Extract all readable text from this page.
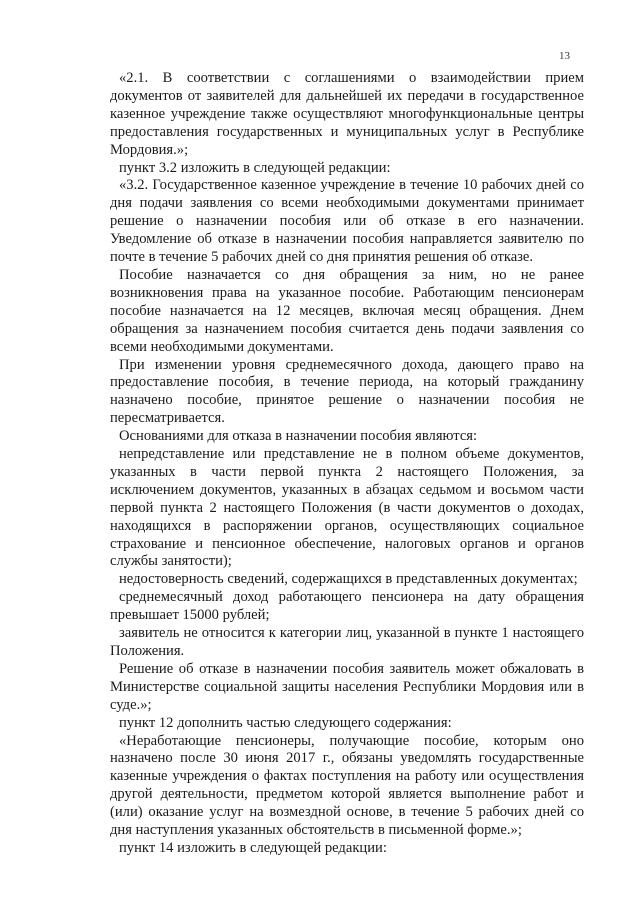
13

«2.1. В соответствии с соглашениями о взаимодействии прием документов от заявителей для дальнейшей их передачи в государственное казенное учреждение также осуществляют многофункциональные центры предоставления государственных и муниципальных услуг в Республике Мордовия.»;

пункт 3.2 изложить в следующей редакции:

«3.2. Государственное казенное учреждение в течение 10 рабочих дней со дня подачи заявления со всеми необходимыми документами принимает решение о назначении пособия или об отказе в его назначении. Уведомление об отказе в назначении пособия направляется заявителю по почте в течение 5 рабочих дней со дня принятия решения об отказе.

Пособие назначается со дня обращения за ним, но не ранее возникновения права на указанное пособие. Работающим пенсионерам пособие назначается на 12 месяцев, включая месяц обращения. Днем обращения за назначением пособия считается день подачи заявления со всеми необходимыми документами.

При изменении уровня среднемесячного дохода, дающего право на предоставление пособия, в течение периода, на который гражданину назначено пособие, принятое решение о назначении пособия не пересматривается.

Основаниями для отказа в назначении пособия являются:

непредставление или представление не в полном объеме документов, указанных в части первой пункта 2 настоящего Положения, за исключением документов, указанных в абзацах седьмом и восьмом части первой пункта 2 настоящего Положения (в части документов о доходах, находящихся в распоряжении органов, осуществляющих социальное страхование и пенсионное обеспечение, налоговых органов и органов службы занятости);

недостоверность сведений, содержащихся в представленных документах;

среднемесячный доход работающего пенсионера на дату обращения превышает 15000 рублей;

заявитель не относится к категории лиц, указанной в пункте 1 настоящего Положения.

Решение об отказе в назначении пособия заявитель может обжаловать в Министерстве социальной защиты населения Республики Мордовия или в суде.»;

пункт 12 дополнить частью следующего содержания:

«Неработающие пенсионеры, получающие пособие, которым оно назначено после 30 июня 2017 г., обязаны уведомлять государственные казенные учреждения о фактах поступления на работу или осуществления другой деятельности, предметом которой является выполнение работ и (или) оказание услуг на возмездной основе, в течение 5 рабочих дней со дня наступления указанных обстоятельств в письменной форме.»;

пункт 14 изложить в следующей редакции:
